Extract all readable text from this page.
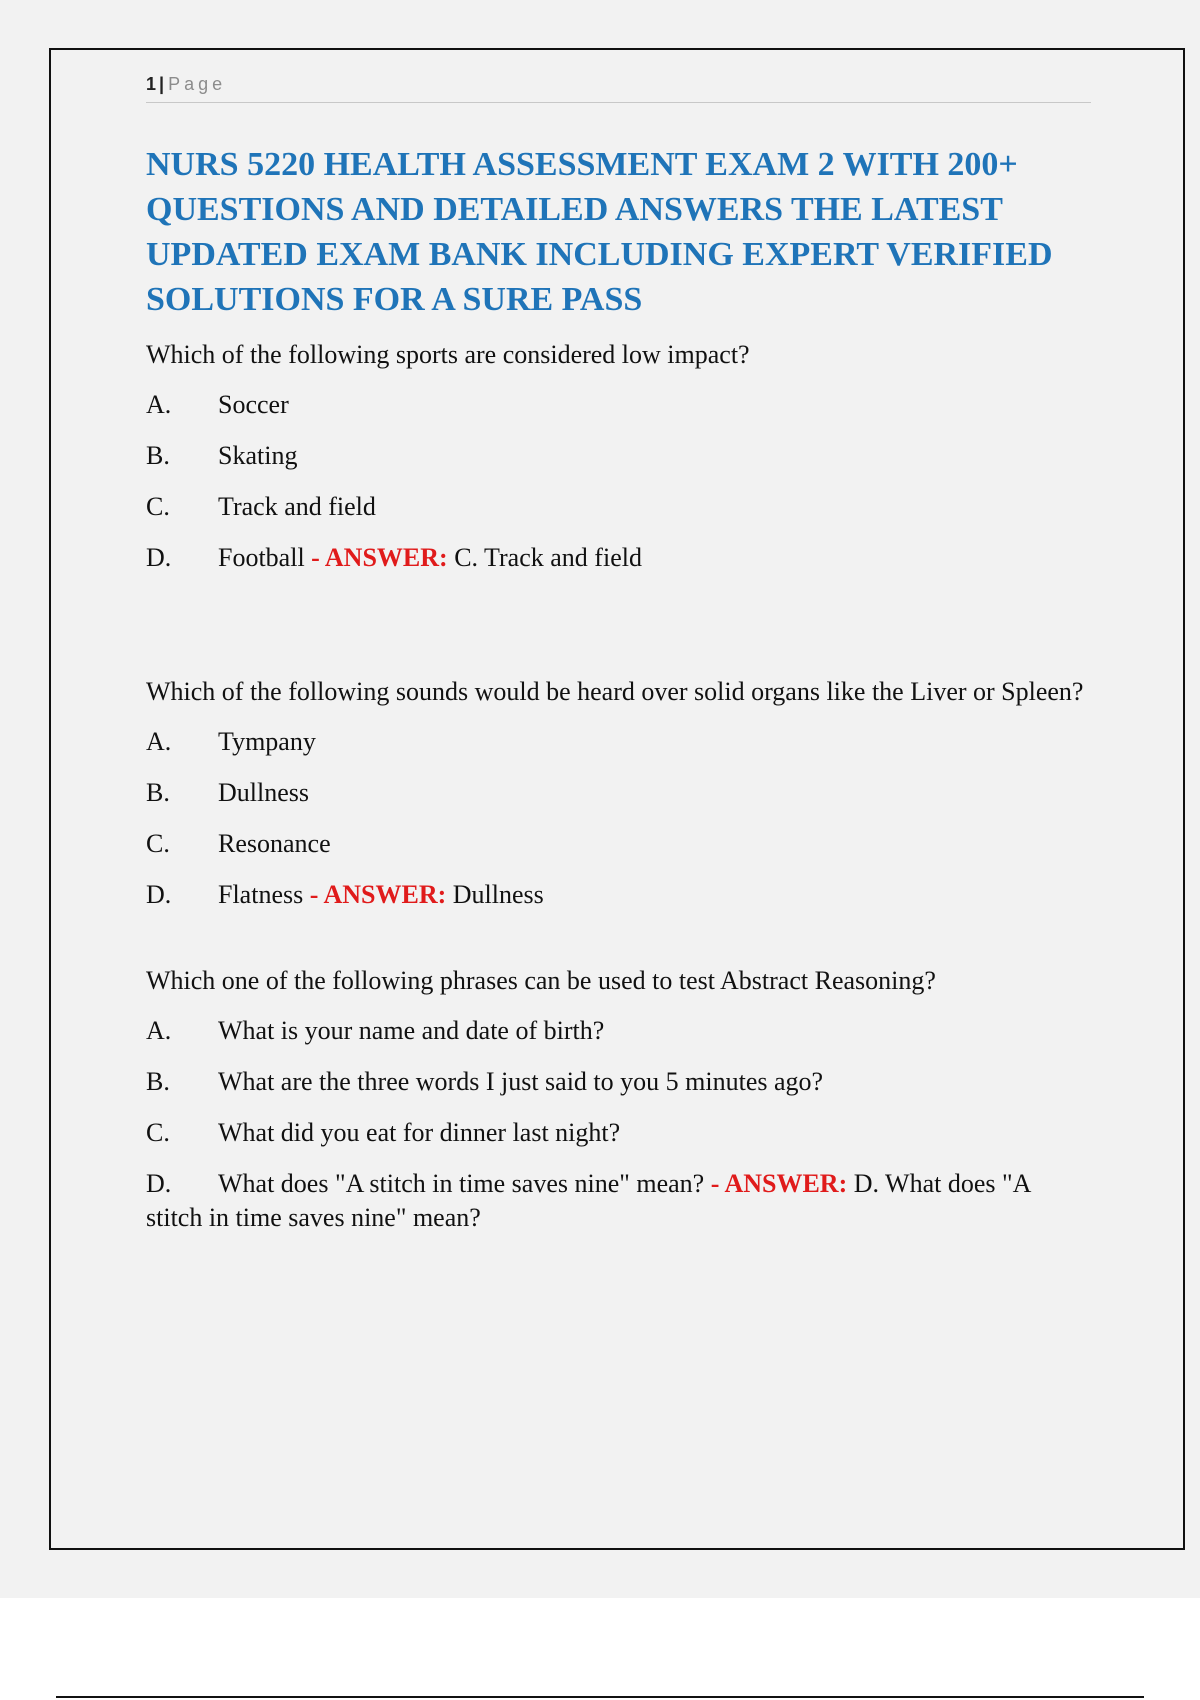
1 | Page
NURS 5220 HEALTH ASSESSMENT EXAM 2 WITH 200+ QUESTIONS AND DETAILED ANSWERS THE LATEST UPDATED EXAM BANK INCLUDING EXPERT VERIFIED SOLUTIONS FOR A SURE PASS

Which of the following sports are considered low impact?

A. Soccer

B. Skating

C. Track and field

D. Football - ANSWER: C. Track and field

Which of the following sounds would be heard over solid organs like the Liver or Spleen?

A. Tympany

B. Dullness

C. Resonance

D. Flatness - ANSWER: Dullness

Which one of the following phrases can be used to test Abstract Reasoning?

A. What is your name and date of birth?

B. What are the three words I just said to you 5 minutes ago?

C. What did you eat for dinner last night?

D. What does "A stitch in time saves nine" mean? - ANSWER: D. What does "A stitch in time saves nine" mean?
